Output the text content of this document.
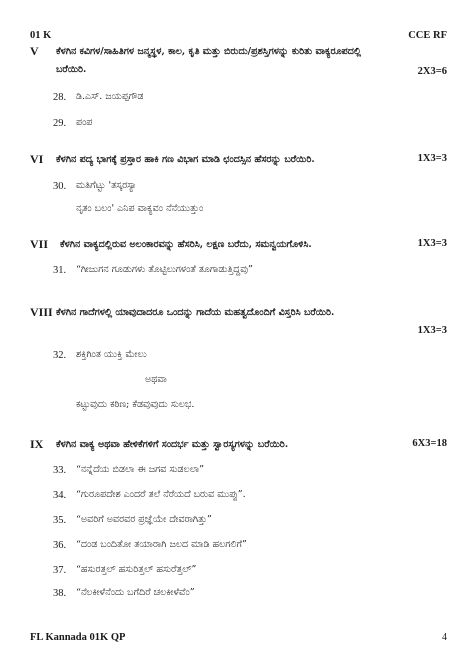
01 K	CCE RF
V ಕೆಳಗಿನ ಕವಿಗಳ/ಸಾಹಿತಿಗಳ ಜನ್ಮಸ್ಥಳ, ಕಾಲ, ಕೃತಿ ಮತ್ತು ಬಿರುದು/ಪ್ರಶಸ್ತಿಗಳನ್ನು ಕುರಿತು ವಾಕ್ಯರೂಪದಲ್ಲಿ
ಬರೆಯಿರಿ.	2X3=6
28. ಡಿ.ಎಸ್. ಜಯಪ್ಪಗೌಡ
29. ಪಂಪ
VI ಕೆಳಗಿನ ಪದ್ಯ ಭಾಗಕ್ಕೆ ಪ್ರಸ್ತಾರ ಹಾಕಿ ಗಣ ವಿಭಾಗ ಮಾಡಿ ಛಂದಸ್ಸಿನ ಹೆಸರನ್ನು ಬರೆಯಿರಿ.	1X3=3
30. ಮತಿಗೆಟ್ಟು 'ತಸ್ಕರಸ್ಯಾ
ನೃತಂ ಬಲಂ' ಎನಿಪ ವಾಕ್ಯವಂ ನೆನೆಯುತ್ತುಂ
VII ಕೆಳಗಿನ ವಾಕ್ಯದಲ್ಲಿರುವ ಅಲಂಕಾರವನ್ನು ಹೆಸರಿಸಿ, ಲಕ್ಷಣ ಬರೆದು, ಸಮನ್ವಯಗೊಳಿಸಿ.	1X3=3
31. “ಗೀಜುಗನ ಗೂಡುಗಳು ತೊಟ್ಟಿಲುಗಳಂತೆ ತೂಗಾಡುತ್ತಿದ್ದವು”
VIII ಕೆಳಗಿನ ಗಾದೆಗಳಲ್ಲಿ ಯಾವುದಾದರೂ ಒಂದನ್ನು ಗಾದೆಯ ಮಹತ್ವದೊಂದಿಗೆ ವಿಸ್ತರಿಸಿ ಬರೆಯಿರಿ.
1X3=3
32. ಶಕ್ತಿಗಿಂತ ಯುಕ್ತಿ ಮೇಲು
ಅಥವಾ
ಕಟ್ಟುವುದು ಕಠಿಣ; ಕೆಡವುವುದು ಸುಲಭ.
IX ಕೆಳಗಿನ ವಾಕ್ಯ ಅಥವಾ ಹೇಳಿಕೆಗಳಿಗೆ ಸಂದರ್ಭ ಮತ್ತು ಸ್ವಾರಸ್ಯಗಳನ್ನು ಬರೆಯಿರಿ.	6X3=18
33. “ನನ್ನೆದೆಯ ಬಿಡಲಾ ಈ ಜಗವ ಸುಡಲಲಾ”
34. “ಗುರೂಪದೇಶ ಎಂದರೆ ತಲೆ ನೆರೆಯದೆ ಬರುವ ಮುಪ್ಪು”.
35. “ಅವರಿಗೆ ಅವರವರ ಪ್ರಜ್ಞೆಯೇ ದೇವರಾಗಿತ್ತು”
36. “ದಂಡ ಬಂದಿತೋ ತಯಾರಾಗಿ ಜಲದ ಮಾಡಿ ಹಲಗಲಿಗೆ”
37. “ಹಸುರತ್ತಲ್ ಹಸುರಿತ್ತಲ್ ಹಸುರೆತ್ತಲ್”
38. “ನೆಲಕೀಳೆನೆಂದು ಬಗೆದಿರೆ ಚಲಕೀಳೆವೆಂ”
FL Kannada 01K QP	4
